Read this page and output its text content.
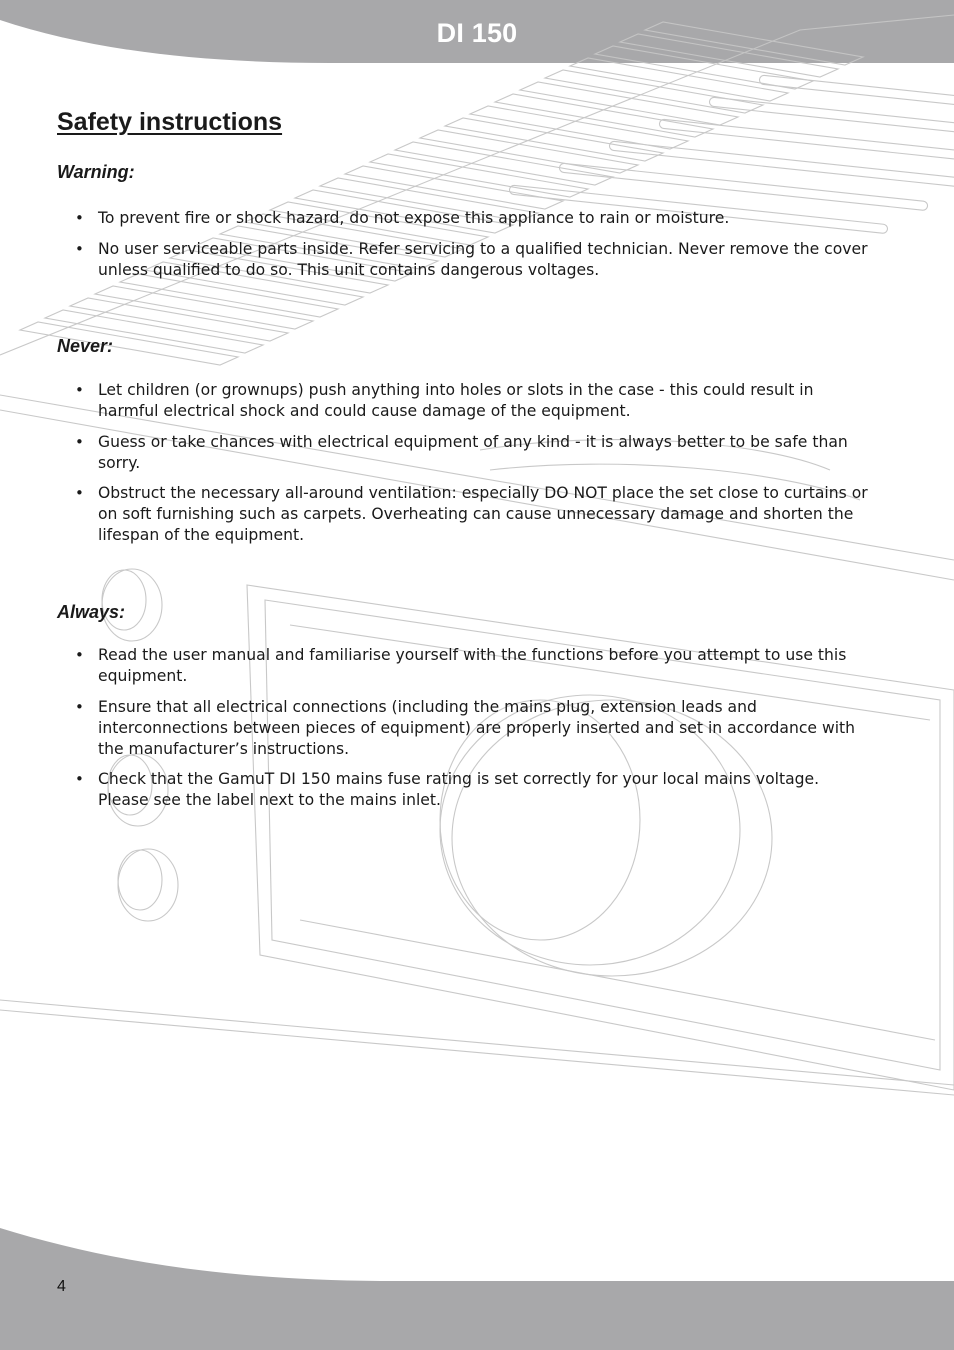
DI 150
Safety instructions
Warning:
• To prevent fire or shock hazard, do not expose this appliance to rain or moisture.
• No user serviceable parts inside. Refer servicing to a qualified technician. Never remove the cover unless qualified to do so. This unit contains dangerous voltages.
Never:
• Let children (or grownups) push anything into holes or slots in the case - this could result in harmful electrical shock and could cause damage of the equipment.
• Guess or take chances with electrical equipment of any kind - it is always better to be safe than sorry.
• Obstruct the necessary all-around ventilation: especially DO NOT place the set close to curtains or on soft furnishing such as carpets. Overheating can cause unnecessary damage and shorten the lifespan of the equipment.
Always:
• Read the user manual and familiarise yourself with the functions before you attempt to use this equipment.
• Ensure that all electrical connections (including the mains plug, extension leads and interconnections between pieces of equipment) are properly inserted and set in accordance with the manufacturer’s instructions.
• Check that the GamuT DI 150 mains fuse rating is set correctly for your local mains voltage. Please see the label next to the mains inlet.
4
